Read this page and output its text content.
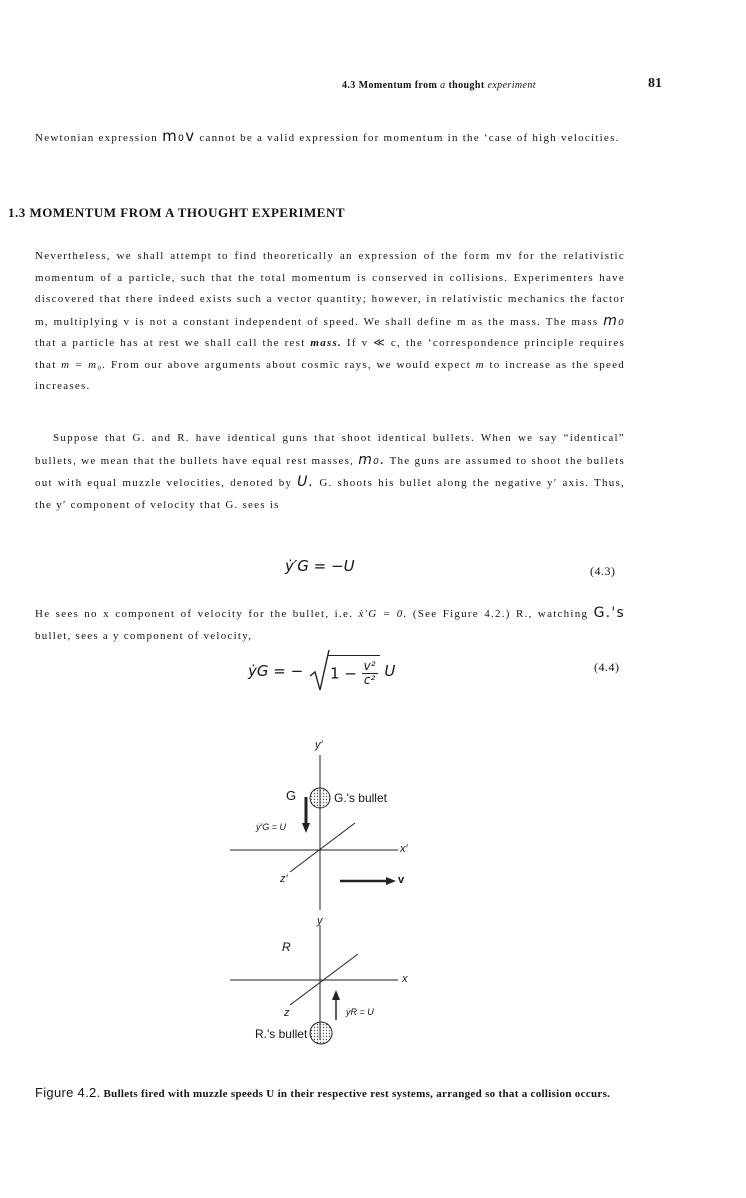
4.3 Momentum from a thought experiment	81
Newtonian expression m₀v cannot be a valid expression for momentum in the ‘case of high velocities.
1.3 MOMENTUM FROM A THOUGHT EXPERIMENT
Nevertheless, we shall attempt to find theoretically an expression of the form mv for the relativistic momentum of a particle, such that the total momentum is conserved in collisions. Experimenters have discovered that there indeed exists such a vector quantity; however, in relativistic mechanics the factor m, multiplying v is not a constant independent of speed. We shall define m as the mass. The mass m₀ that a particle has at rest we shall call the rest mass. If v ≪ c, the ‘correspondence principle requires that m = m₀. From our above arguments about cosmic rays, we would expect m to increase as the speed increases.
Suppose that G. and R. have identical guns that shoot identical bullets. When we say “identical” bullets, we mean that the bullets have equal rest masses, m₀. The guns are assumed to shoot the bullets out with equal muzzle velocities, denoted by U. G. shoots his bullet along the negative y′ axis. Thus, the y′ component of velocity that G. sees is
ẏ′G = −U	(4.3)
He sees no x component of velocity for the bullet, i.e. ẋ′G = 0. (See Figure 4.2.) R., watching G.'s bullet, sees a y component of velocity,
ẏG = − $1 - \frac{\text{v²}}{\text{c²}}$ U	(4.4)
y′
x′
z′
G	G.'s bullet
ẏ′G = U
v
y
x
z
R
ẏR = U
R.'s bullet
Figure 4.2. Bullets fired with muzzle speeds U in their respective rest systems, arranged so that a collision occurs.
